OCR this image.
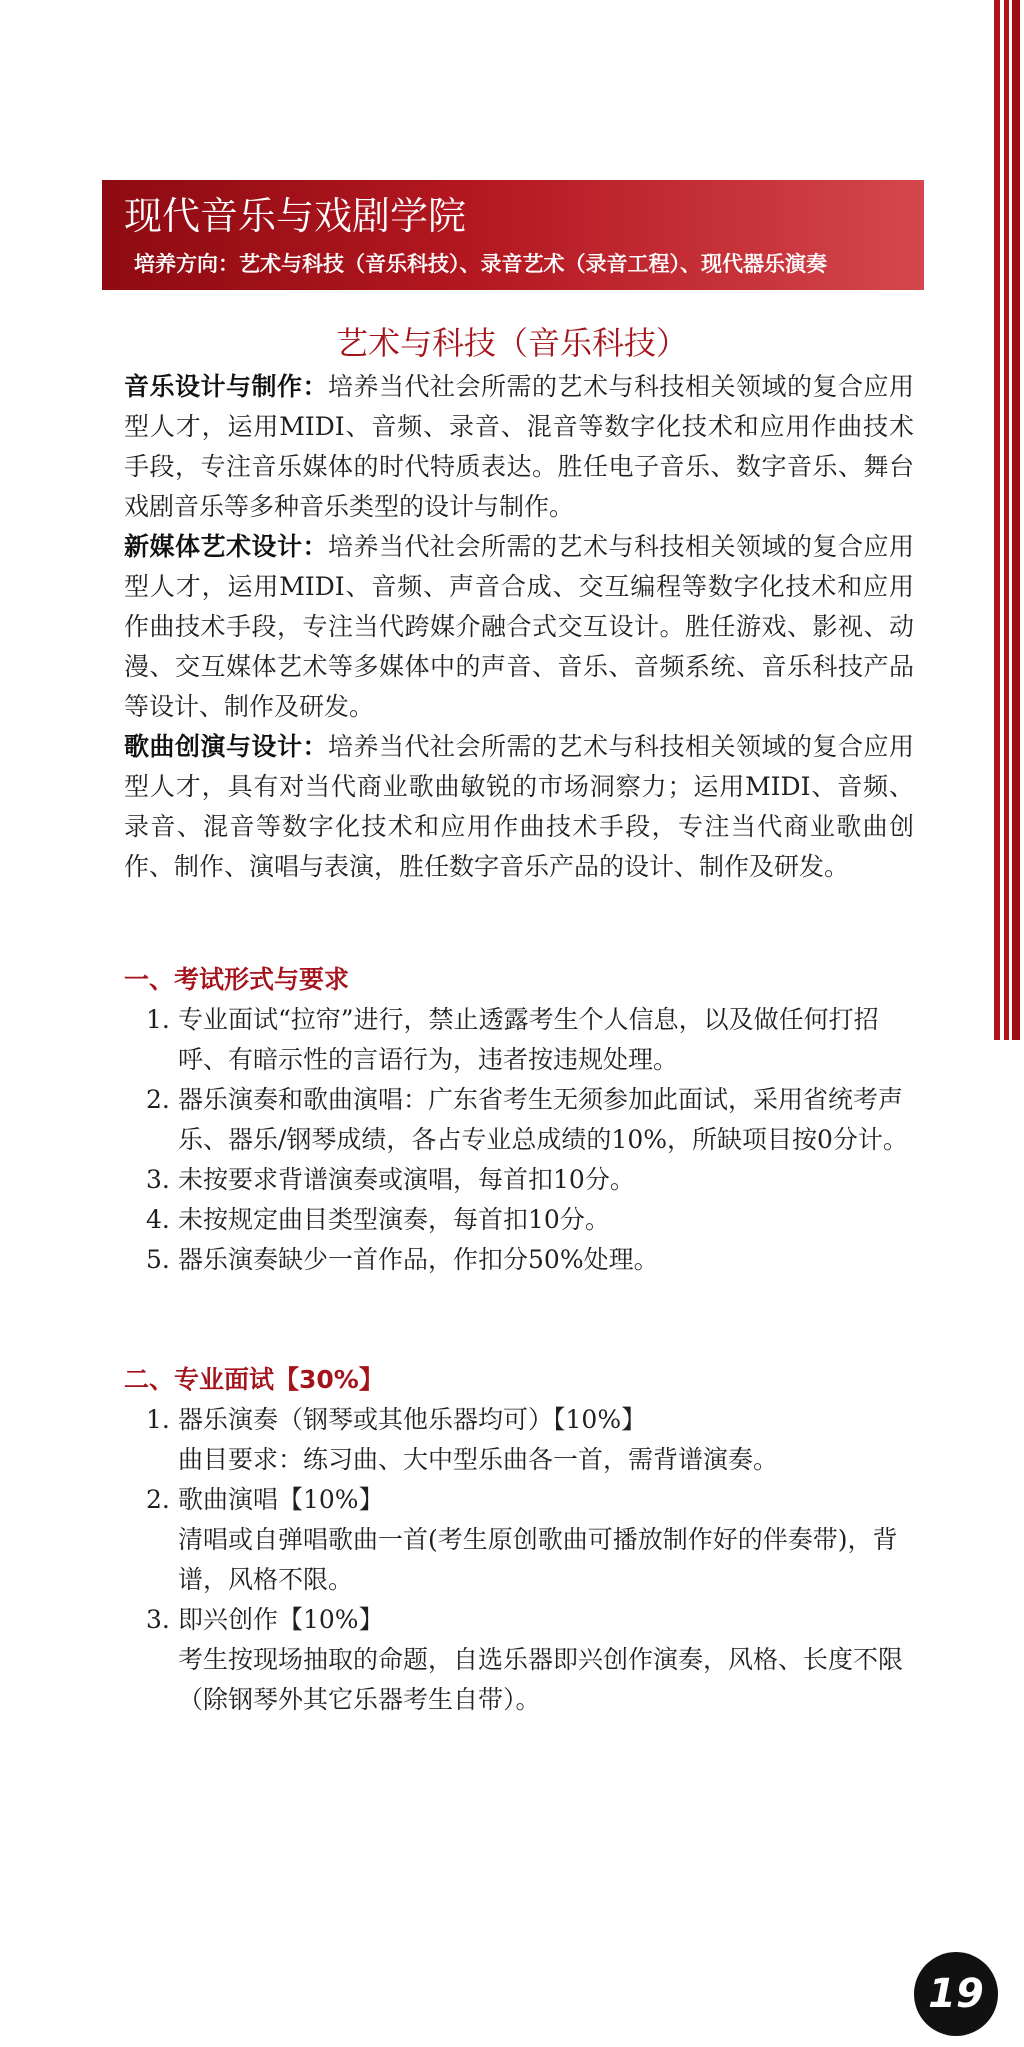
现代音乐与戏剧学院
培养方向：艺术与科技（音乐科技）、录音艺术（录音工程）、现代器乐演奏
艺术与科技（音乐科技）

音乐设计与制作：培养当代社会所需的艺术与科技相关领域的复合应用型人才，运用MIDI、音频、录音、混音等数字化技术和应用作曲技术手段，专注音乐媒体的时代特质表达。胜任电子音乐、数字音乐、舞台戏剧音乐等多种音乐类型的设计与制作。

新媒体艺术设计：培养当代社会所需的艺术与科技相关领域的复合应用型人才，运用MIDI、音频、声音合成、交互编程等数字化技术和应用作曲技术手段，专注当代跨媒介融合式交互设计。胜任游戏、影视、动漫、交互媒体艺术等多媒体中的声音、音乐、音频系统、音乐科技产品等设计、制作及研发。

歌曲创演与设计：培养当代社会所需的艺术与科技相关领域的复合应用型人才，具有对当代商业歌曲敏锐的市场洞察力；运用MIDI、音频、录音、混音等数字化技术和应用作曲技术手段，专注当代商业歌曲创作、制作、演唱与表演，胜任数字音乐产品的设计、制作及研发。

一、考试形式与要求
1. 专业面试“拉帘”进行，禁止透露考生个人信息，以及做任何打招呼、有暗示性的言语行为，违者按违规处理。
2. 器乐演奏和歌曲演唱：广东省考生无须参加此面试，采用省统考声乐、器乐/钢琴成绩，各占专业总成绩的10%，所缺项目按0分计。
3. 未按要求背谱演奏或演唱，每首扣10分。
4. 未按规定曲目类型演奏，每首扣10分。
5. 器乐演奏缺少一首作品，作扣分50%处理。
二、专业面试【30%】
1. 器乐演奏（钢琴或其他乐器均可）【10%】
曲目要求：练习曲、大中型乐曲各一首，需背谱演奏。
2. 歌曲演唱【10%】
清唱或自弹唱歌曲一首(考生原创歌曲可播放制作好的伴奏带)，背谱，风格不限。
3. 即兴创作【10%】
考生按现场抽取的命题，自选乐器即兴创作演奏，风格、长度不限（除钢琴外其它乐器考生自带）。
19
